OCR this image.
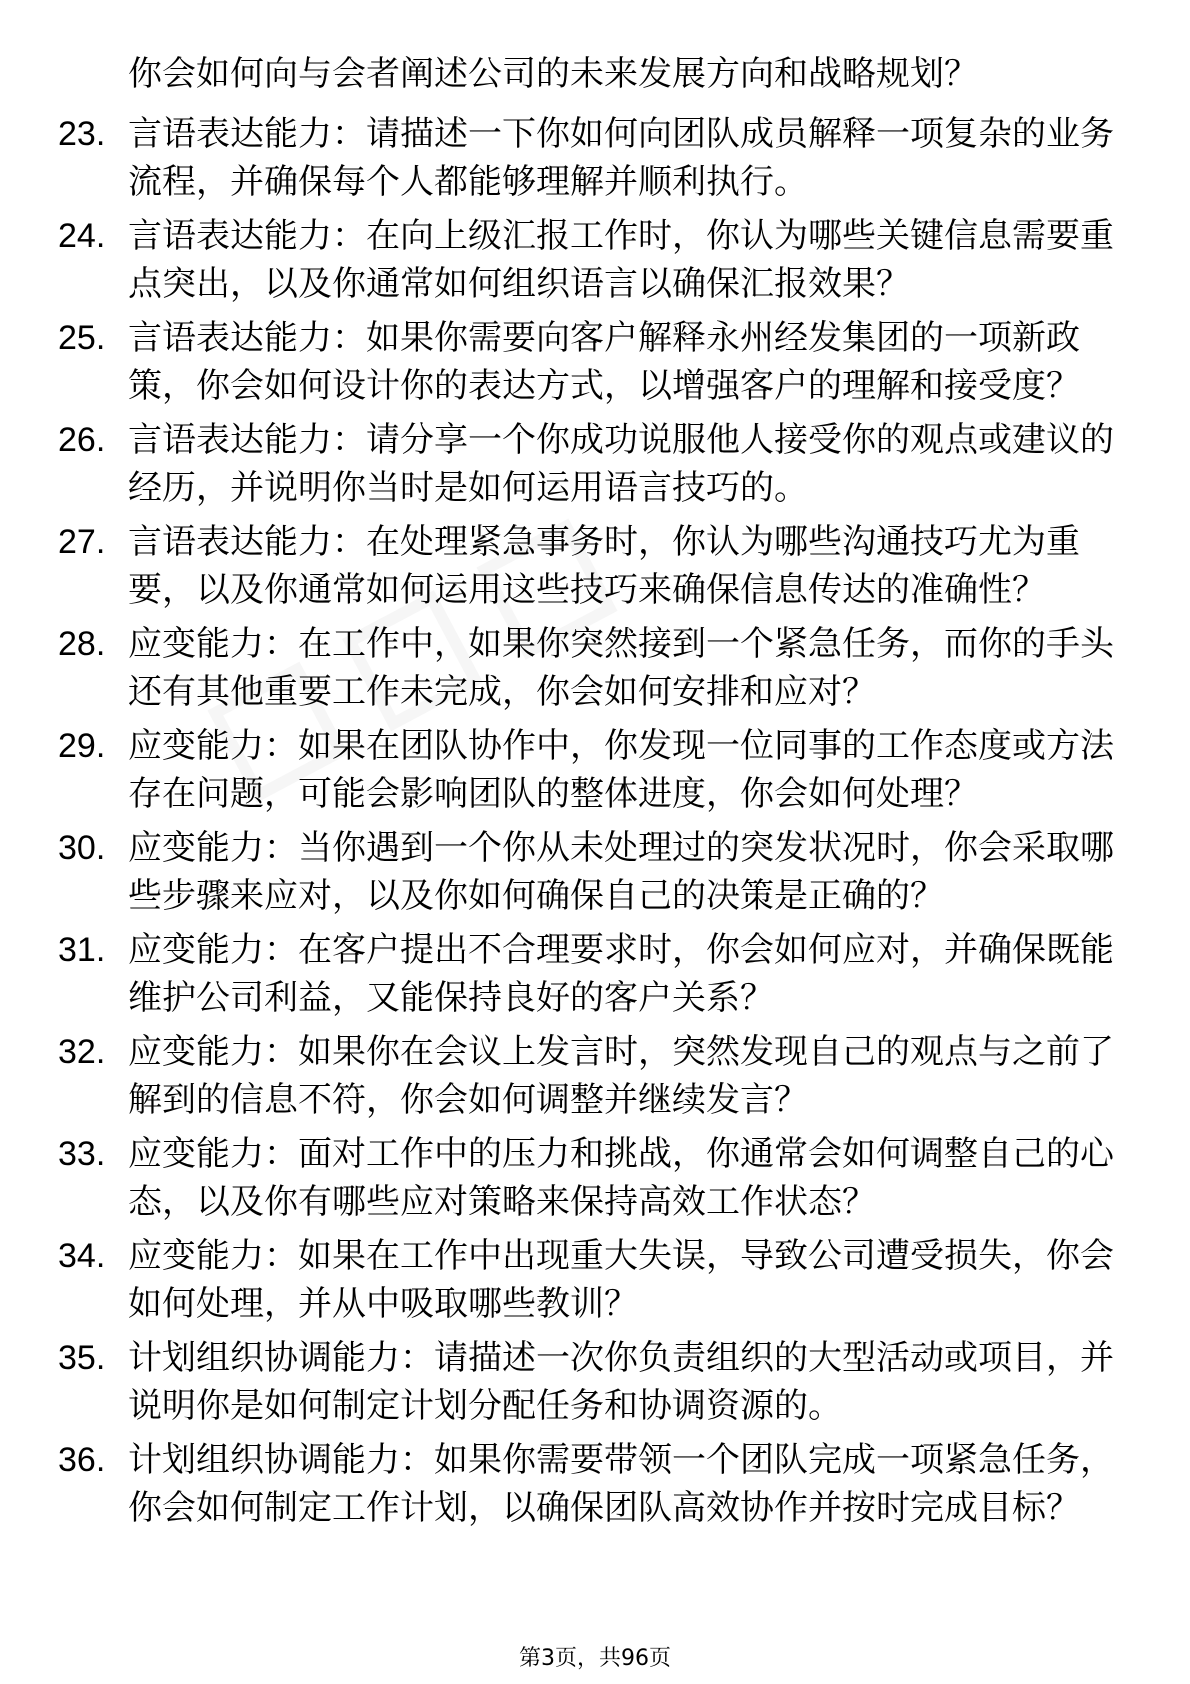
你会如何向与会者阐述公司的未来发展方向和战略规划？
23. 言语表达能力：请描述一下你如何向团队成员解释一项复杂的业务流程，并确保每个人都能够理解并顺利执行。
24. 言语表达能力：在向上级汇报工作时，你认为哪些关键信息需要重点突出，以及你通常如何组织语言以确保汇报效果？
25. 言语表达能力：如果你需要向客户解释永州经发集团的一项新政策，你会如何设计你的表达方式，以增强客户的理解和接受度？
26. 言语表达能力：请分享一个你成功说服他人接受你的观点或建议的经历，并说明你当时是如何运用语言技巧的。
27. 言语表达能力：在处理紧急事务时，你认为哪些沟通技巧尤为重要，以及你通常如何运用这些技巧来确保信息传达的准确性？
28. 应变能力：在工作中，如果你突然接到一个紧急任务，而你的手头还有其他重要工作未完成，你会如何安排和应对？
29. 应变能力：如果在团队协作中，你发现一位同事的工作态度或方法存在问题，可能会影响团队的整体进度，你会如何处理？
30. 应变能力：当你遇到一个你从未处理过的突发状况时，你会采取哪些步骤来应对，以及你如何确保自己的决策是正确的？
31. 应变能力：在客户提出不合理要求时，你会如何应对，并确保既能维护公司利益，又能保持良好的客户关系？
32. 应变能力：如果你在会议上发言时，突然发现自己的观点与之前了解到的信息不符，你会如何调整并继续发言？
33. 应变能力：面对工作中的压力和挑战，你通常会如何调整自己的心态，以及你有哪些应对策略来保持高效工作状态？
34. 应变能力：如果在工作中出现重大失误，导致公司遭受损失，你会如何处理，并从中吸取哪些教训？
35. 计划组织协调能力：请描述一次你负责组织的大型活动或项目，并说明你是如何制定计划分配任务和协调资源的。
36. 计划组织协调能力：如果你需要带领一个团队完成一项紧急任务，你会如何制定工作计划，以确保团队高效协作并按时完成目标？
第3页，共96页
